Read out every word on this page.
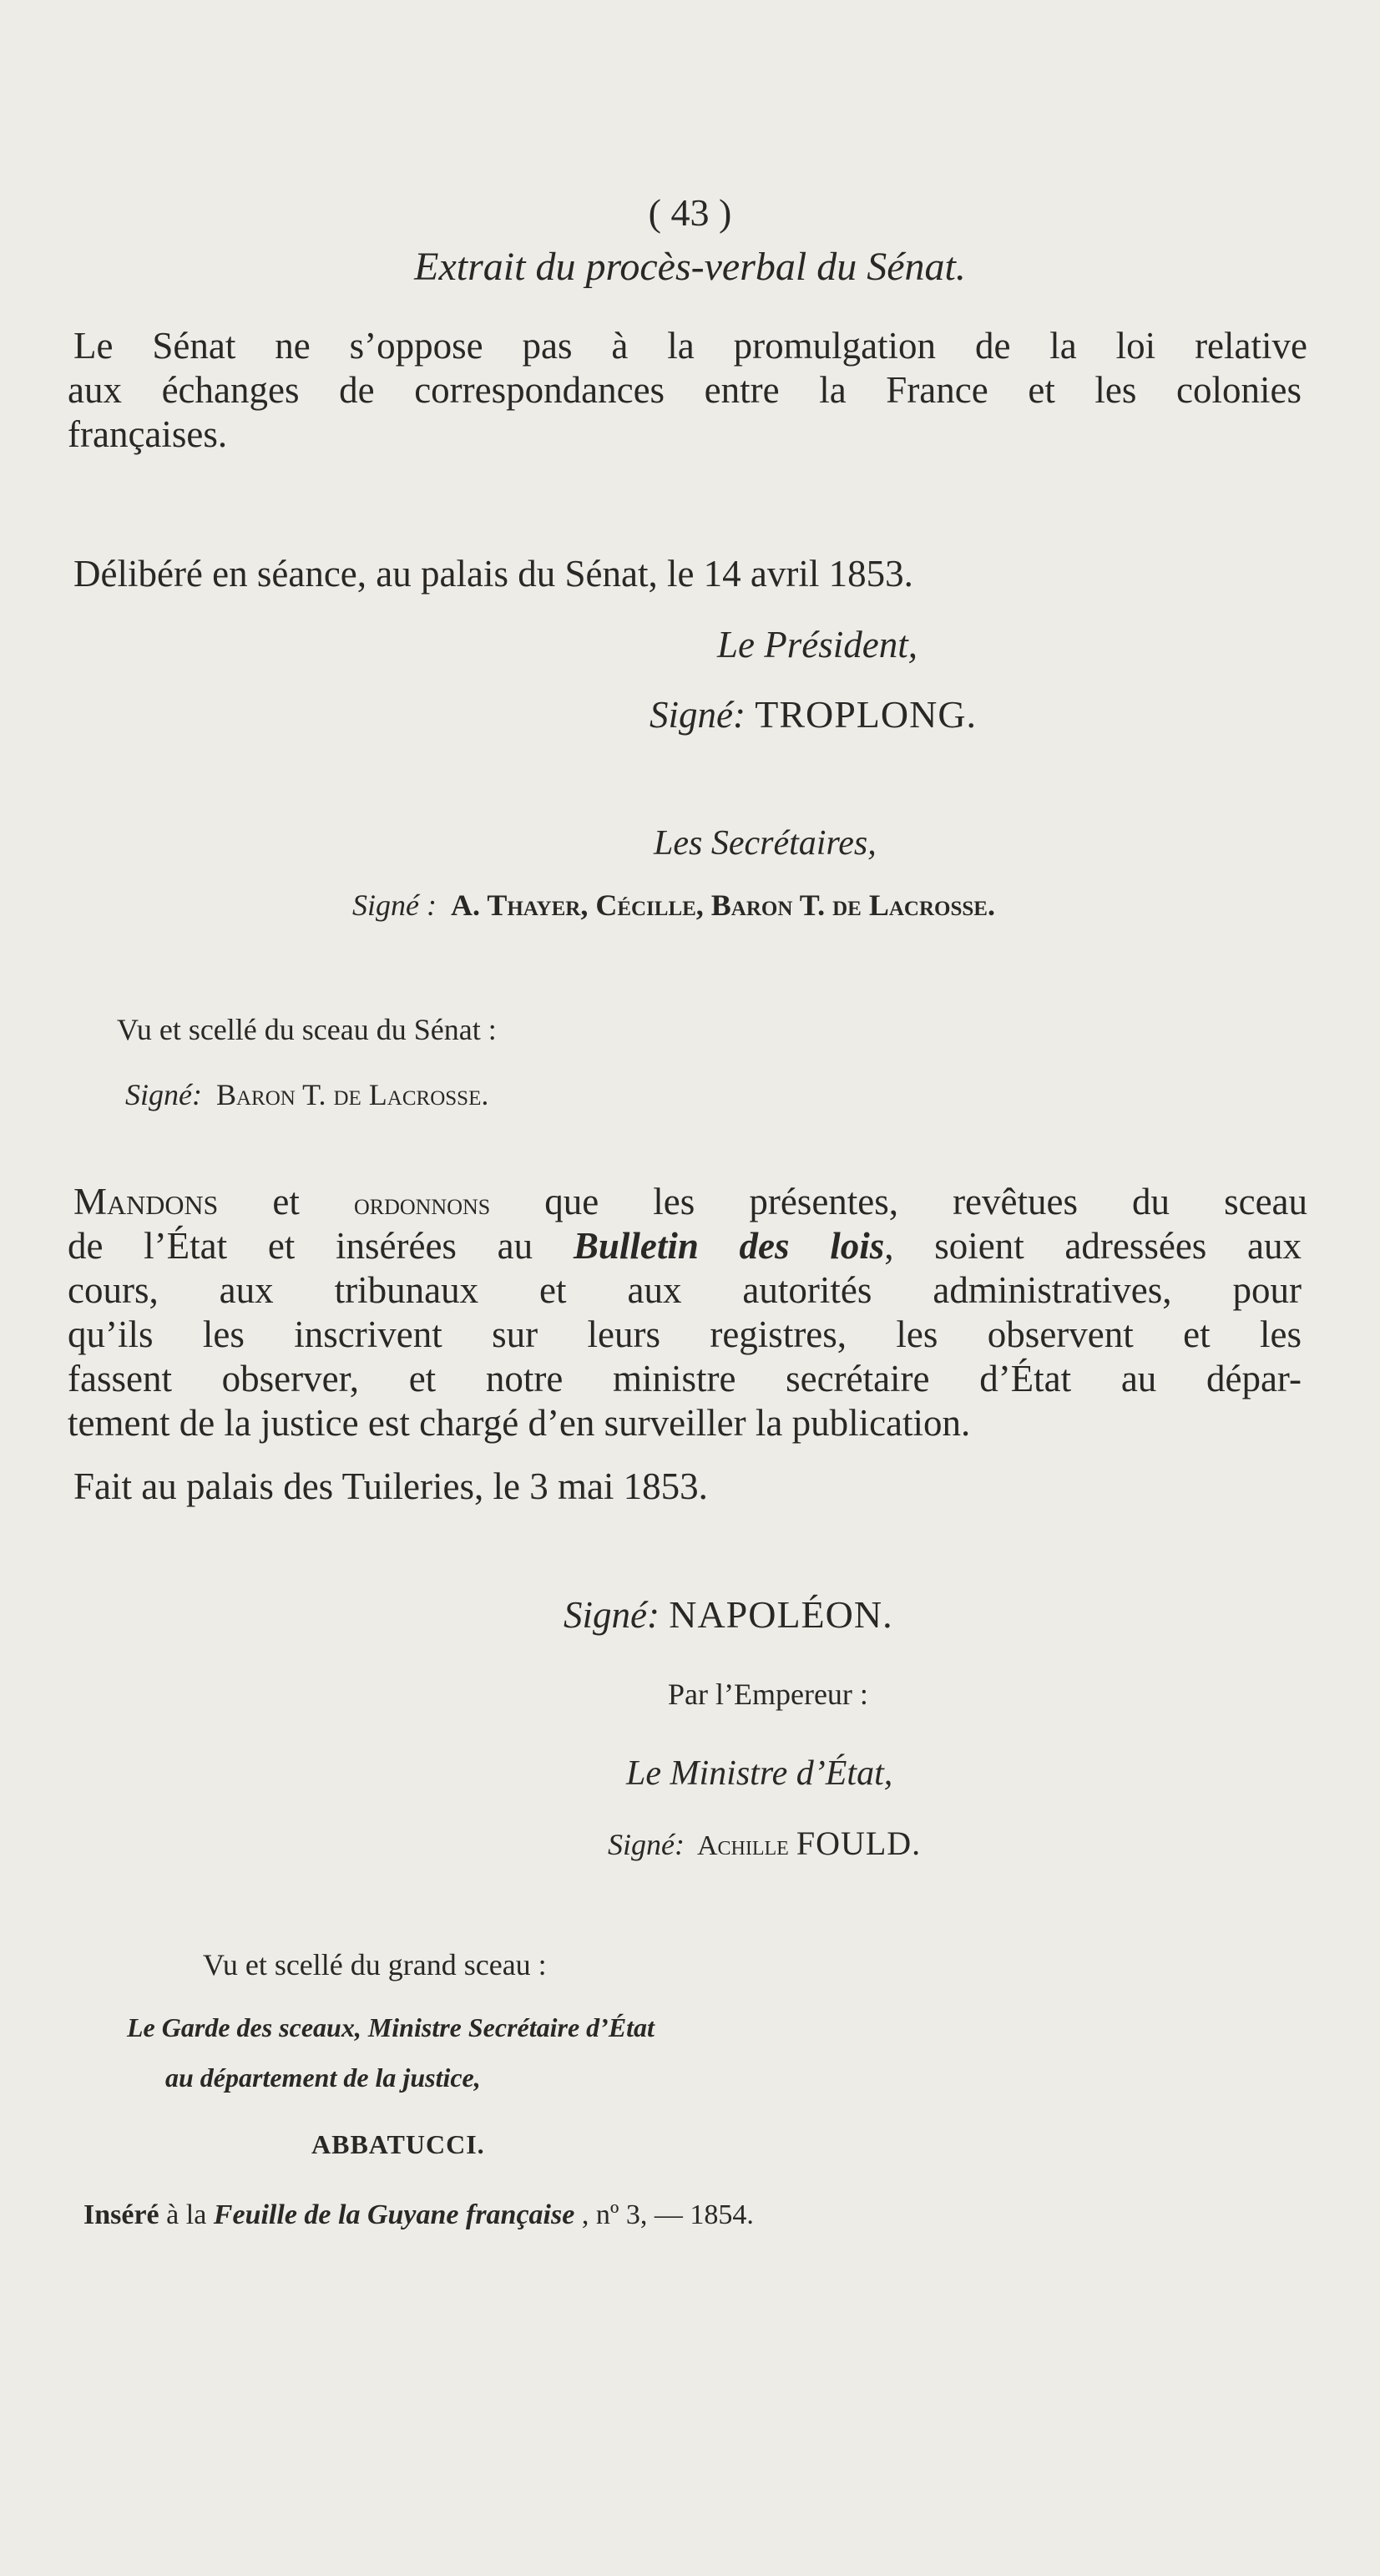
( 43 )
Extrait du procès-verbal du Sénat.
Le Sénat ne s’oppose pas à la promulgation de la loi relative
aux échanges de correspondances entre la France et les colonies
françaises.
Délibéré en séance, au palais du Sénat, le 14 avril 1853.
Le Président,
Signé: TROPLONG.
Les Secrétaires,
Signé : A. Thayer, Cécille, Baron T. de Lacrosse.
Vu et scellé du sceau du Sénat :
Signé: Baron T. de Lacrosse.
Mandons et ordonnons que les présentes, revêtues du sceau
de l’État et insérées au Bulletin des lois, soient adressées aux
cours, aux tribunaux et aux autorités administratives, pour
qu’ils les inscrivent sur leurs registres, les observent et les
fassent observer, et notre ministre secrétaire d’État au dépar-
tement de la justice est chargé d’en surveiller la publication.
Fait au palais des Tuileries, le 3 mai 1853.
Signé: NAPOLÉON.
Par l’Empereur :
Le Ministre d’État,
Signé: Achille FOULD.
Vu et scellé du grand sceau :
Le Garde des sceaux, Ministre Secrétaire d’État
au département de la justice,
ABBATUCCI.
Inséré à la Feuille de la Guyane française , nº 3, — 1854.
